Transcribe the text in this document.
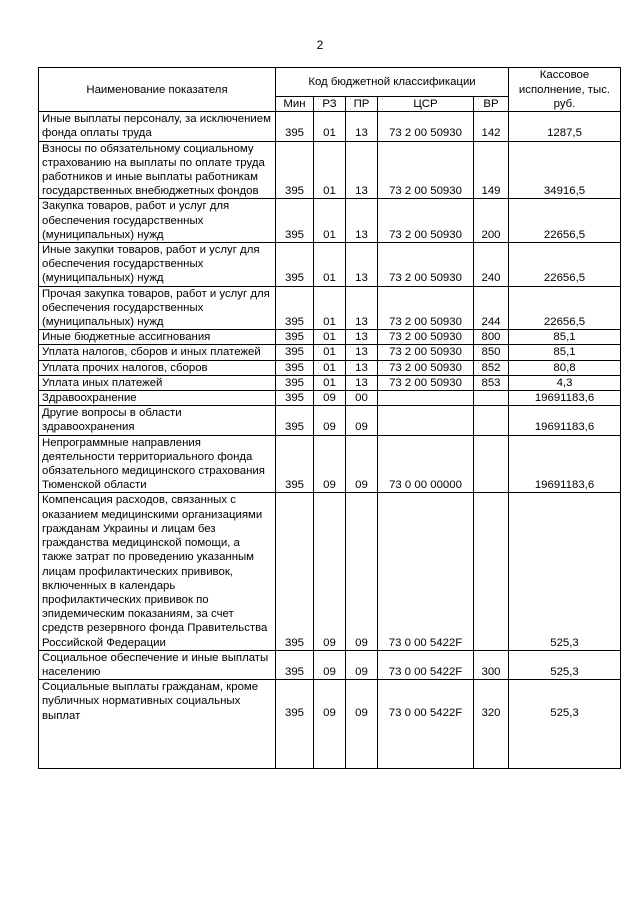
2
Наименование показателя	Код бюджетной классификации					Кассовое исполнение, тыс. руб.
	Мин	РЗ	ПР	ЦСР	ВР	
Иные выплаты персоналу, за исключением фонда оплаты труда	395	01	13	73 2 00 50930	142	1287,5
Взносы по обязательному социальному страхованию на выплаты по оплате труда работников и иные выплаты работникам государственных внебюджетных фондов	395	01	13	73 2 00 50930	149	34916,5
Закупка товаров, работ и услуг для обеспечения государственных (муниципальных) нужд	395	01	13	73 2 00 50930	200	22656,5
Иные закупки товаров, работ и услуг для обеспечения государственных (муниципальных) нужд	395	01	13	73 2 00 50930	240	22656,5
Прочая закупка товаров, работ и услуг для обеспечения государственных (муниципальных) нужд	395	01	13	73 2 00 50930	244	22656,5
Иные бюджетные ассигнования	395	01	13	73 2 00 50930	800	85,1
Уплата налогов, сборов и иных платежей	395	01	13	73 2 00 50930	850	85,1
Уплата прочих налогов, сборов	395	01	13	73 2 00 50930	852	80,8
Уплата иных платежей	395	01	13	73 2 00 50930	853	4,3
Здравоохранение	395	09	00			19691183,6
Другие вопросы в области здравоохранения	395	09	09			19691183,6
Непрограммные направления деятельности территориального фонда обязательного медицинского страхования Тюменской области	395	09	09	73 0 00 00000		19691183,6
Компенсация расходов, связанных с оказанием медицинскими организациями гражданам Украины и лицам без гражданства медицинской помощи, а также затрат по проведению указанным лицам профилактических прививок, включенных в календарь профилактических прививок по эпидемическим показаниям, за счет средств резервного фонда Правительства Российской Федерации	395	09	09	73 0 00 5422F		525,3
Социальное обеспечение и иные выплаты населению	395	09	09	73 0 00 5422F	300	525,3
Социальные выплаты гражданам, кроме публичных нормативных социальных выплат	395	09	09	73 0 00 5422F	320	525,3
